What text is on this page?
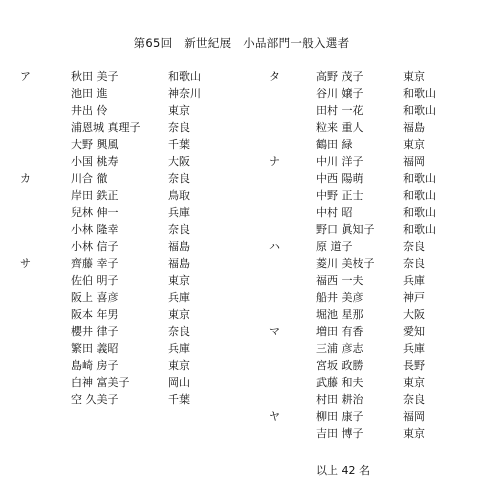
第65回　新世紀展　小品部門一般入選者
ア	秋田 美子	和歌山
池田 進	神奈川
井出 伶	東京
浦恩城 真理子	奈良
大野 興風	千葉
小国 桃寿	大阪
カ	川合 徹	奈良
岸田 鉄正	鳥取
兒林 伸一	兵庫
小林 隆幸	奈良
小林 信子	福島
サ	齊藤 幸子	福島
佐伯 明子	東京
阪上 喜彦	兵庫
阪本 年男	東京
櫻井 律子	奈良
繁田 義昭	兵庫
島崎 房子	東京
白神 富美子	岡山
空 久美子	千葉
タ	高野 茂子	東京
谷川 嬢子	和歌山
田村 一花	和歌山
粒来 重人	福島
鶴田 緑	東京
ナ	中川 洋子	福岡
中西 陽萌	和歌山
中野 正士	和歌山
中村 昭	和歌山
野口 眞知子	和歌山
ハ	原 道子	奈良
菱川 美枝子	奈良
福西 一夫	兵庫
船井 美彦	神戸
堀池 星那	大阪
マ	増田 有香	愛知
三浦 彦志	兵庫
宮坂 政勝	長野
武藤 和夫	東京
村田 耕治	奈良
ヤ	柳田 康子	福岡
吉田 博子	東京
以上 42 名
